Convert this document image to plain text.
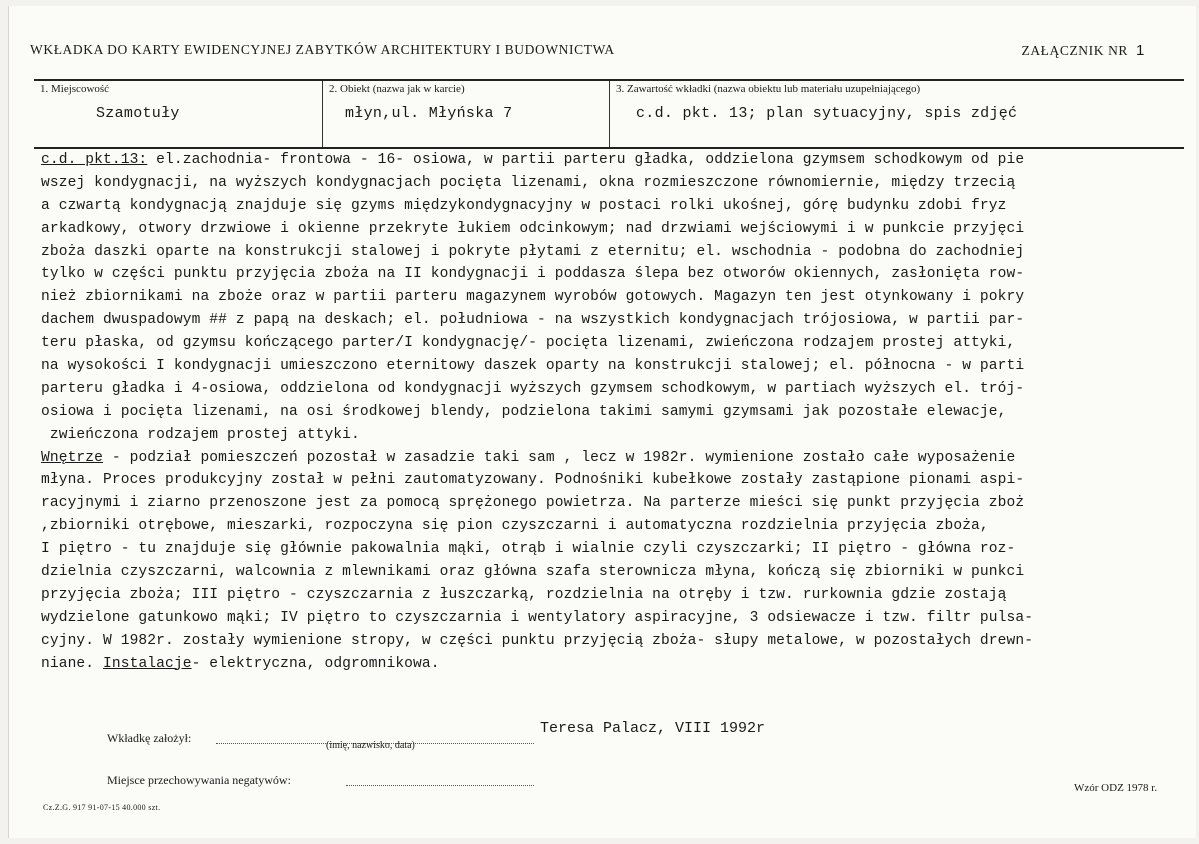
WKŁADKA DO KARTY EWIDENCYJNEJ ZABYTKÓW ARCHITEKTURY I BUDOWNICTWA	ZAŁĄCZNIK NR 1
1. Miejscowość
Szamotuły
2. Obiekt (nazwa jak w karcie)
młyn,ul. Młyńska 7
3. Zawartość wkładki (nazwa obiektu lub materiału uzupełniającego)
c.d. pkt. 13; plan sytuacyjny, spis zdjęć
c.d. pkt.13: el.zachodnia- frontowa - 16- osiowa, w partii parteru gładka, oddzielona gzymsem schodkowym od pie
wszej kondygnacji, na wyższych kondygnacjach pocięta lizenami, okna rozmieszczone równomiernie, między trzecią
a czwartą kondygnacją znajduje się gzyms międzykondygnacyjny w postaci rolki ukośnej, górę budynku zdobi fryz
arkadkowy, otwory drzwiowe i okienne przekryte łukiem odcinkowym; nad drzwiami wejściowymi i w punkcie przyjęci
zboża daszki oparte na konstrukcji stalowej i pokryte płytami z eternitu; el. wschodnia - podobna do zachodniej
tylko w części punktu przyjęcia zboża na II kondygnacji i poddasza ślepa bez otworów okiennych, zasłonięta row-
nież zbiornikami na zboże oraz w partii parteru magazynem wyrobów gotowych. Magazyn ten jest otynkowany i pokry
dachem dwuspadowym ## z papą na deskach; el. południowa - na wszystkich kondygnacjach trójosiowa, w partii par-
teru płaska, od gzymsu kończącego parter/I kondygnację/- pocięta lizenami, zwieńczona rodzajem prostej attyki,
na wysokości I kondygnacji umieszczono eternitowy daszek oparty na konstrukcji stalowej; el. północna - w parti
parteru gładka i 4-osiowa, oddzielona od kondygnacji wyższych gzymsem schodkowym, w partiach wyższych el. trój-
osiowa i pocięta lizenami, na osi środkowej blendy, podzielona takimi samymi gzymsami jak pozostałe elewacje,
zwieńczona rodzajem prostej attyki.
Wnętrze - podział pomieszczeń pozostał w zasadzie taki sam , lecz w 1982r. wymienione zostało całe wyposażenie
młyna. Proces produkcyjny został w pełni zautomatyzowany. Podnośniki kubełkowe zostały zastąpione pionami aspi-
racyjnymi i ziarno przenoszone jest za pomocą sprężonego powietrza. Na parterze mieści się punkt przyjęcia zboż
,zbiorniki otrębowe, mieszarki, rozpoczyna się pion czyszczarni i automatyczna rozdzielnia przyjęcia zboża,
I piętro - tu znajduje się głównie pakowalnia mąki, otrąb i wialnie czyli czyszczarki; II piętro - główna roz-
dzielnia czyszczarni, walcownia z mlewnikami oraz główna szafa sterownicza młyna, kończą się zbiorniki w punkci
przyjęcia zboża; III piętro - czyszczarnia z łuszczarką, rozdzielnia na otręby i tzw. rurkownia gdzie zostają
wydzielone gatunkowo mąki; IV piętro to czyszczarnia i wentylatory aspiracyjne, 3 odsiewacze i tzw. filtr pulsa-
cyjny. W 1982r. zostały wymienione stropy, w części punktu przyjęcią zboża- słupy metalowe, w pozostałych drewn-
niane. Instalacje- elektryczna, odgromnikowa.
Wkładkę założył:
(imię, nazwisko, data)
Teresa Palacz, VIII 1992r
Miejsce przechowywania negatywów:
Cz.Z.G. 917 91-07-15 40.000 szt.
Wzór ODZ 1978 r.
